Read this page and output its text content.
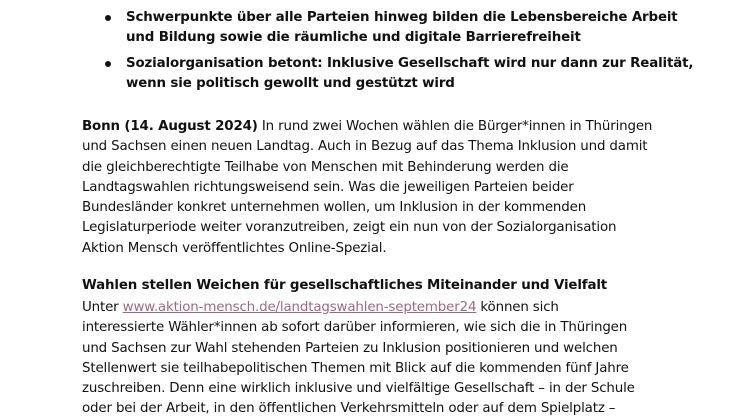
Schwerpunkte über alle Parteien hinweg bilden die Lebensbereiche Arbeit
und Bildung sowie die räumliche und digitale Barrierefreiheit
Sozialorganisation betont: Inklusive Gesellschaft wird nur dann zur Realität,
wenn sie politisch gewollt und gestützt wird
Bonn (14. August 2024) In rund zwei Wochen wählen die Bürger*innen in Thüringen
und Sachsen einen neuen Landtag. Auch in Bezug auf das Thema Inklusion und damit
die gleichberechtigte Teilhabe von Menschen mit Behinderung werden die
Landtagswahlen richtungsweisend sein. Was die jeweiligen Parteien beider
Bundesländer konkret unternehmen wollen, um Inklusion in der kommenden
Legislaturperiode weiter voranzutreiben, zeigt ein nun von der Sozialorganisation
Aktion Mensch veröffentlichtes Online-Spezial.
Wahlen stellen Weichen für gesellschaftliches Miteinander und Vielfalt
Unter www.aktion-mensch.de/landtagswahlen-september24 können sich
interessierte Wähler*innen ab sofort darüber informieren, wie sich die in Thüringen
und Sachsen zur Wahl stehenden Parteien zu Inklusion positionieren und welchen
Stellenwert sie teilhabepolitischen Themen mit Blick auf die kommenden fünf Jahre
zuschreiben. Denn eine wirklich inklusive und vielfältige Gesellschaft – in der Schule
oder bei der Arbeit, in den öffentlichen Verkehrsmitteln oder auf dem Spielplatz –
